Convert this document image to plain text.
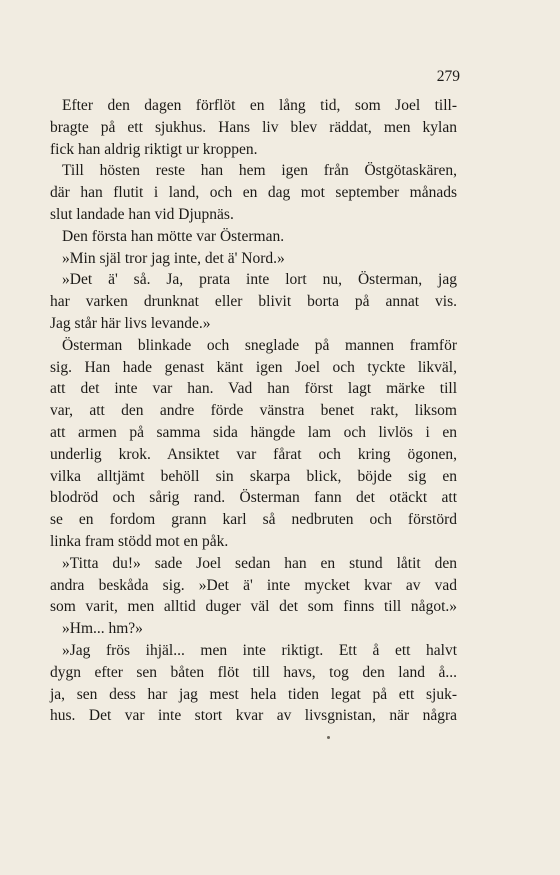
279
Efter den dagen förflöt en lång tid, som Joel till-
bragte på ett sjukhus. Hans liv blev räddat, men kylan
fick han aldrig riktigt ur kroppen.
Till hösten reste han hem igen från Östgötaskären,
där han flutit i land, och en dag mot september månads
slut landade han vid Djupnäs.
Den första han mötte var Österman.
»Min själ tror jag inte, det ä' Nord.»
»Det ä' så. Ja, prata inte lort nu, Österman, jag
har varken drunknat eller blivit borta på annat vis.
Jag står här livs levande.»
Österman blinkade och sneglade på mannen framför
sig. Han hade genast känt igen Joel och tyckte likväl,
att det inte var han. Vad han först lagt märke till
var, att den andre förde vänstra benet rakt, liksom
att armen på samma sida hängde lam och livlös i en
underlig krok. Ansiktet var fårat och kring ögonen,
vilka alltjämt behöll sin skarpa blick, böjde sig en
blodröd och sårig rand. Österman fann det otäckt att
se en fordom grann karl så nedbruten och förstörd
linka fram stödd mot en påk.
»Titta du!» sade Joel sedan han en stund låtit den
andra beskåda sig. »Det ä' inte mycket kvar av vad
som varit, men alltid duger väl det som finns till något.»
»Hm... hm?»
»Jag frös ihjäl... men inte riktigt. Ett å ett halvt
dygn efter sen båten flöt till havs, tog den land å...
ja, sen dess har jag mest hela tiden legat på ett sjuk-
hus. Det var inte stort kvar av livsgnistan, när några
